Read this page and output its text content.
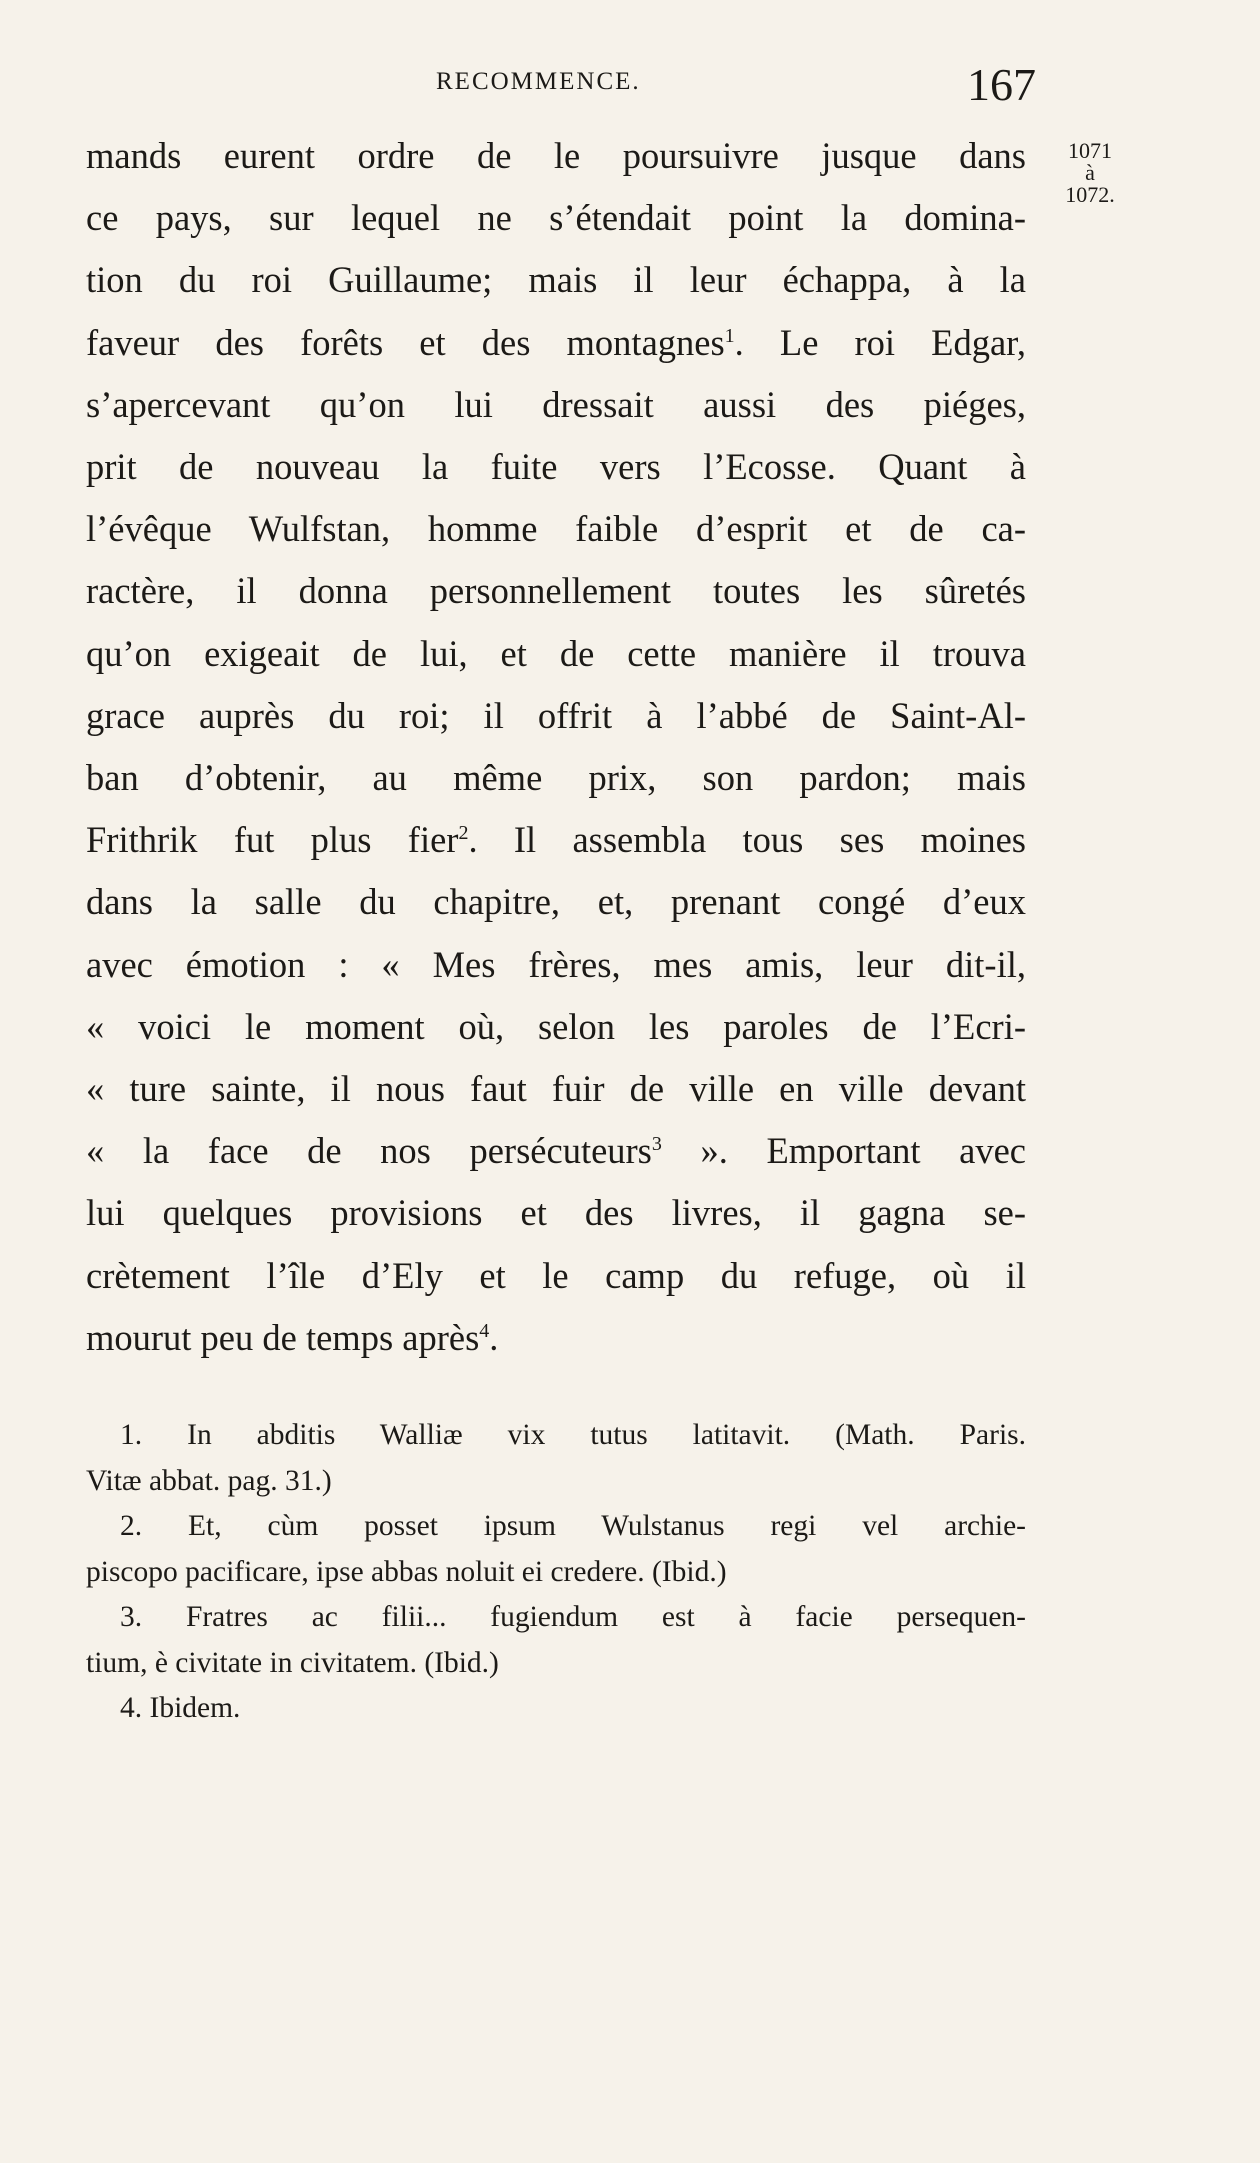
RECOMMENCE.	167
1071
à
1072.
mands eurent ordre de le poursuivre jusque dans
ce pays, sur lequel ne s’étendait point la domina-
tion du roi Guillaume; mais il leur échappa, à la
faveur des forêts et des montagnes$^1$. Le roi Edgar,
s’apercevant qu’on lui dressait aussi des piéges,
prit de nouveau la fuite vers l’Ecosse. Quant à
l’évêque Wulfstan, homme faible d’esprit et de ca-
ractère, il donna personnellement toutes les sûretés
qu’on exigeait de lui, et de cette manière il trouva
grace auprès du roi; il offrit à l’abbé de Saint-Al-
ban d’obtenir, au même prix, son pardon; mais
Frithrik fut plus fier$^2$. Il assembla tous ses moines
dans la salle du chapitre, et, prenant congé d’eux
avec émotion : « Mes frères, mes amis, leur dit-il,
« voici le moment où, selon les paroles de l’Ecri-
« ture sainte, il nous faut fuir de ville en ville devant
« la face de nos persécuteurs$^3$ ». Emportant avec
lui quelques provisions et des livres, il gagna se-
crètement l’île d’Ely et le camp du refuge, où il
mourut peu de temps après$^4$.
1. In abditis Walliæ vix tutus latitavit. (Math. Paris.
Vitæ abbat. pag. 31.)
2. Et, cùm posset ipsum Wulstanus regi vel archie-
piscopo pacificare, ipse abbas noluit ei credere. (Ibid.)
3. Fratres ac filii... fugiendum est à facie persequen-
tium, è civitate in civitatem. (Ibid.)
4. Ibidem.
